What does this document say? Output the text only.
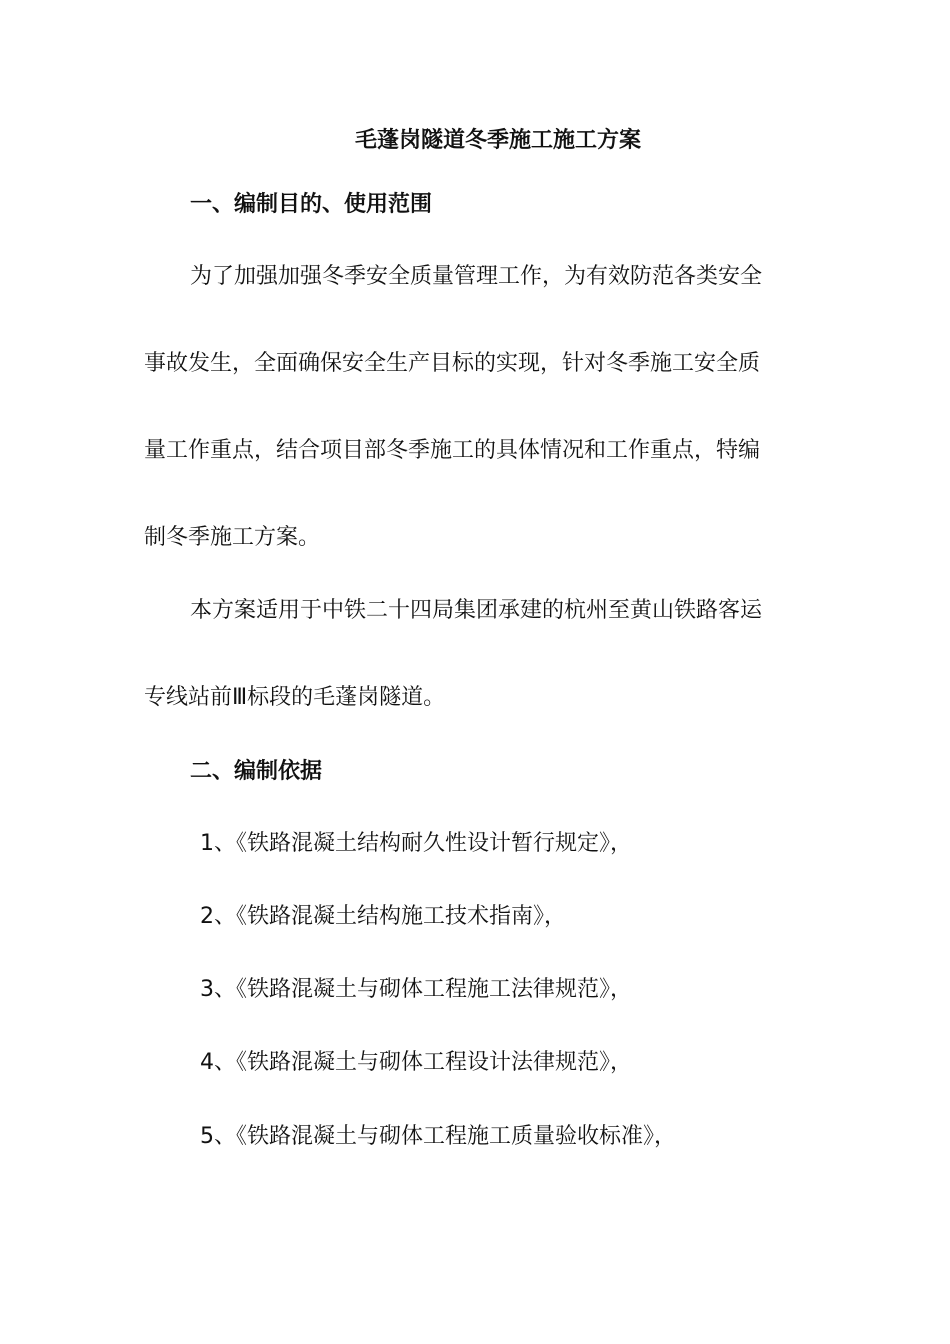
毛蓬岗隧道冬季施工施工方案

一、编制目的、使用范围

为了加强加强冬季安全质量管理工作，为有效防范各类安全

事故发生，全面确保安全生产目标的实现，针对冬季施工安全质

量工作重点，结合项目部冬季施工的具体情况和工作重点，特编

制冬季施工方案。

本方案适用于中铁二十四局集团承建的杭州至黄山铁路客运

专线站前Ⅲ标段的毛蓬岗隧道。

二、编制依据

1、《铁路混凝土结构耐久性设计暂行规定》，

2、《铁路混凝土结构施工技术指南》，

3、《铁路混凝土与砌体工程施工法律规范》，

4、《铁路混凝土与砌体工程设计法律规范》，

5、《铁路混凝土与砌体工程施工质量验收标准》，
